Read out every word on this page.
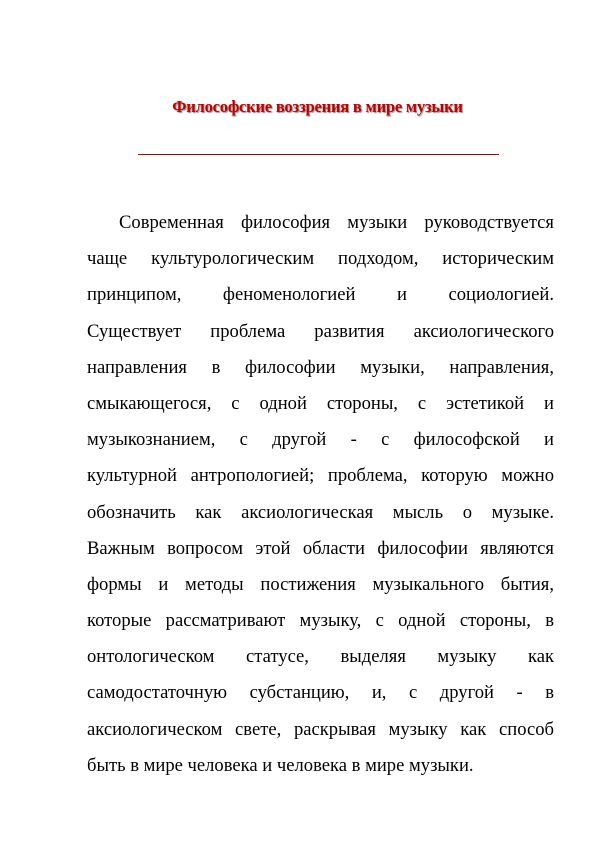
Философские воззрения в мире музыки
Современная философия музыки руководствуется
чаще культурологическим подходом, историческим
принципом, феноменологией и социологией.
Существует проблема развития аксиологического
направления в философии музыки, направления,
смыкающегося, с одной стороны, с эстетикой и
музыкознанием, с другой - с философской и
культурной антропологией; проблема, которую можно
обозначить как аксиологическая мысль о музыке.
Важным вопросом этой области философии являются
формы и методы постижения музыкального бытия,
которые рассматривают музыку, с одной стороны, в
онтологическом статусе, выделяя музыку как
самодостаточную субстанцию, и, с другой - в
аксиологическом свете, раскрывая музыку как способ
быть в мире человека и человека в мире музыки.
